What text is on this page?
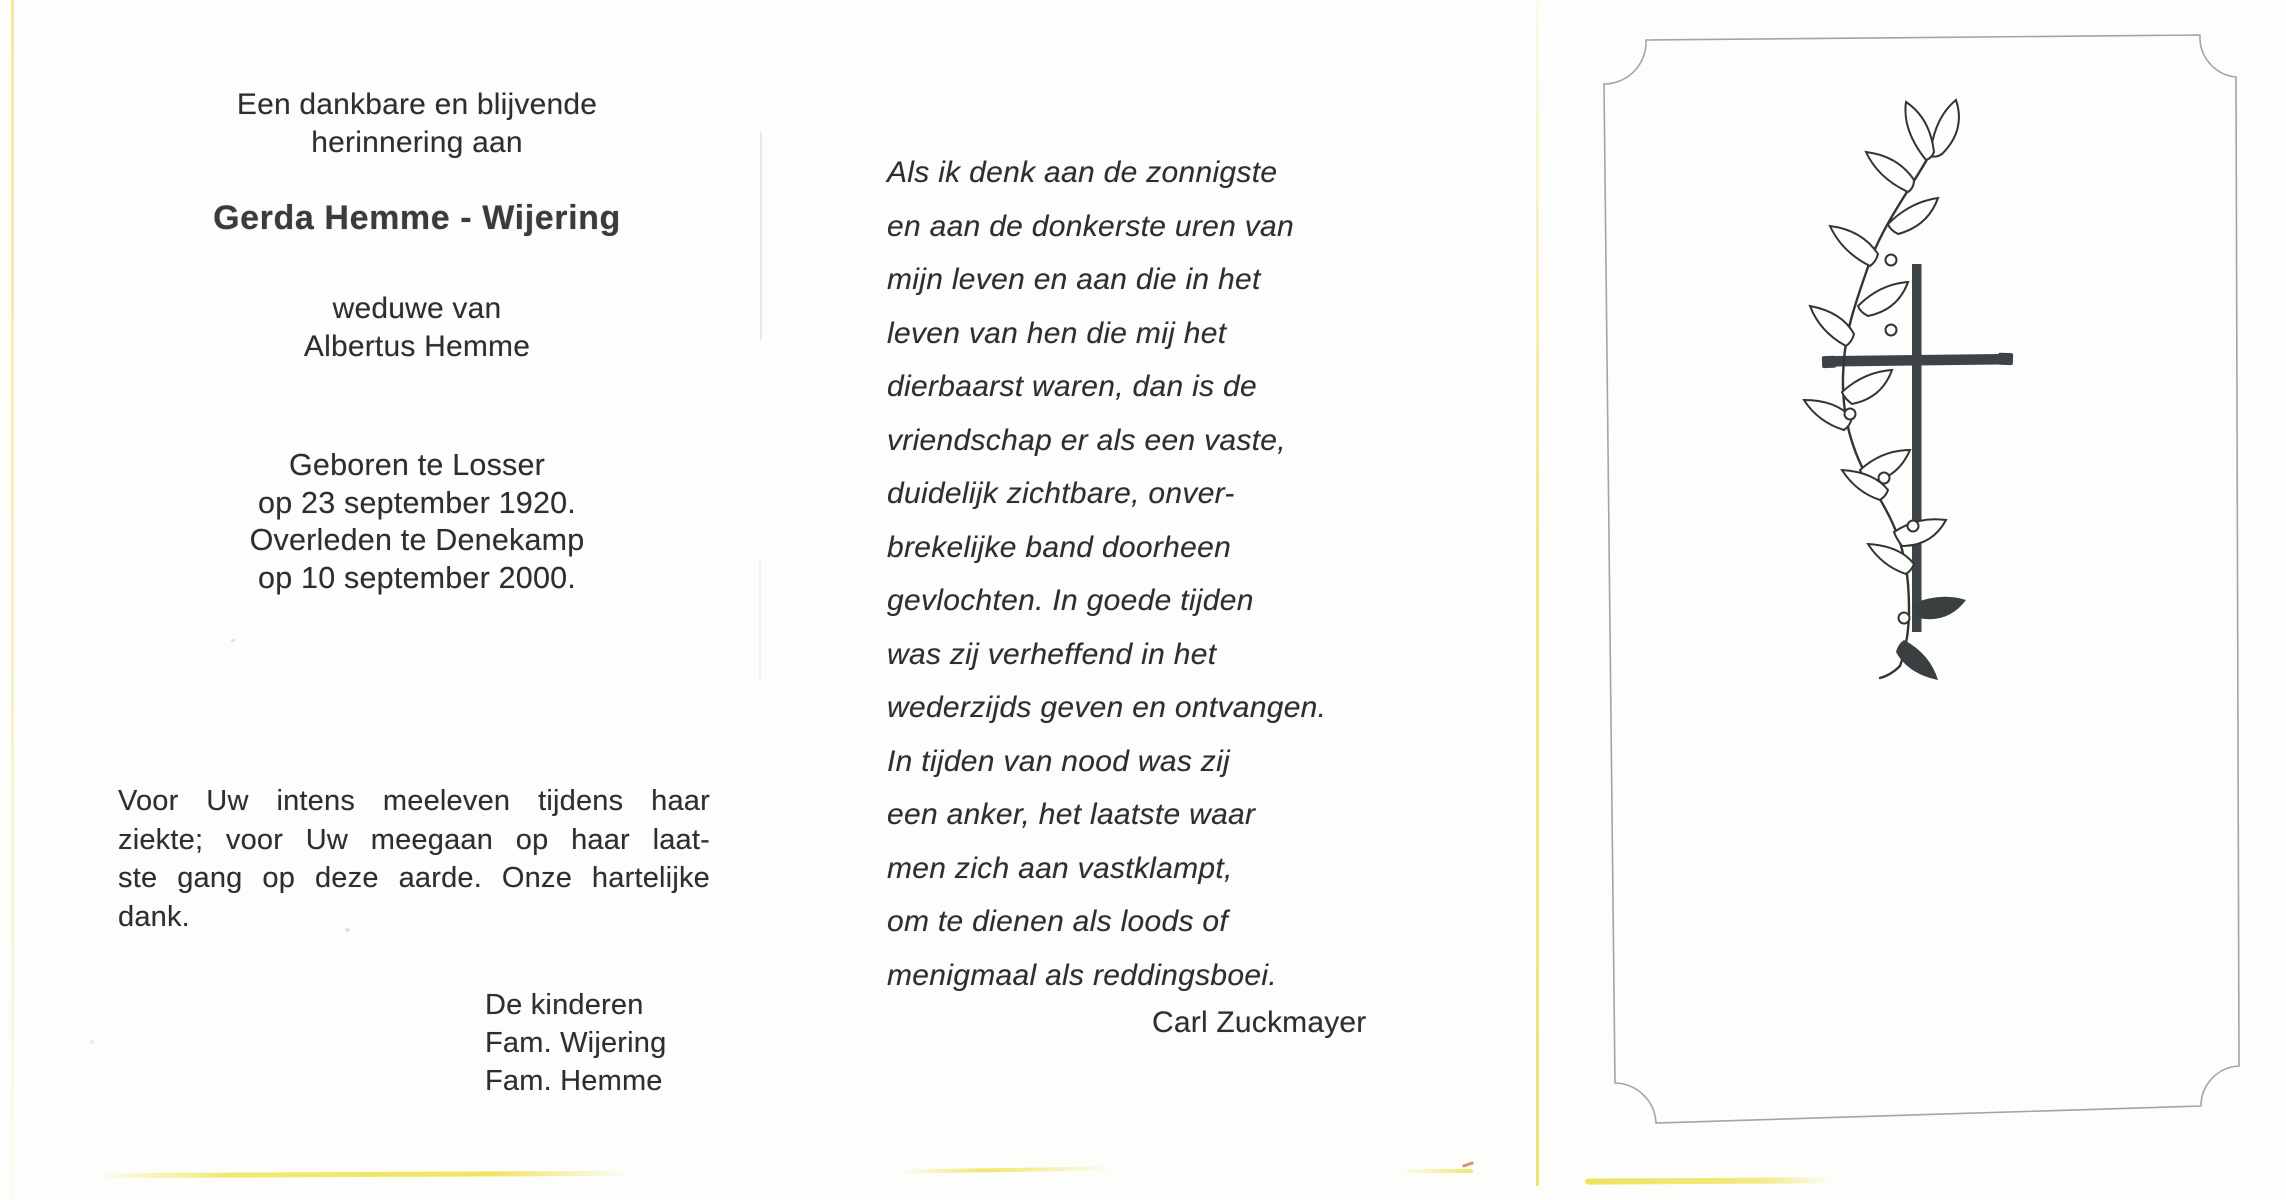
Een dankbare en blijvende
herinnering aan
Gerda Hemme - Wijering
weduwe van
Albertus Hemme
Geboren te Losser
op 23 september 1920.
Overleden te Denekamp
op 10 september 2000.
Voor Uw intens meeleven tijdens haar
ziekte; voor Uw meegaan op haar laat-
ste gang op deze aarde. Onze hartelijke
dank.
De kinderen
Fam. Wijering
Fam. Hemme
Als ik denk aan de zonnigste
en aan de donkerste uren van
mijn leven en aan die in het
leven van hen die mij het
dierbaarst waren, dan is de
vriendschap er als een vaste,
duidelijk zichtbare, onver-
brekelijke band doorheen
gevlochten. In goede tijden
was zij verheffend in het
wederzijds geven en ontvangen.
In tijden van nood was zij
een anker, het laatste waar
men zich aan vastklampt,
om te dienen als loods of
menigmaal als reddingsboei.
Carl Zuckmayer
